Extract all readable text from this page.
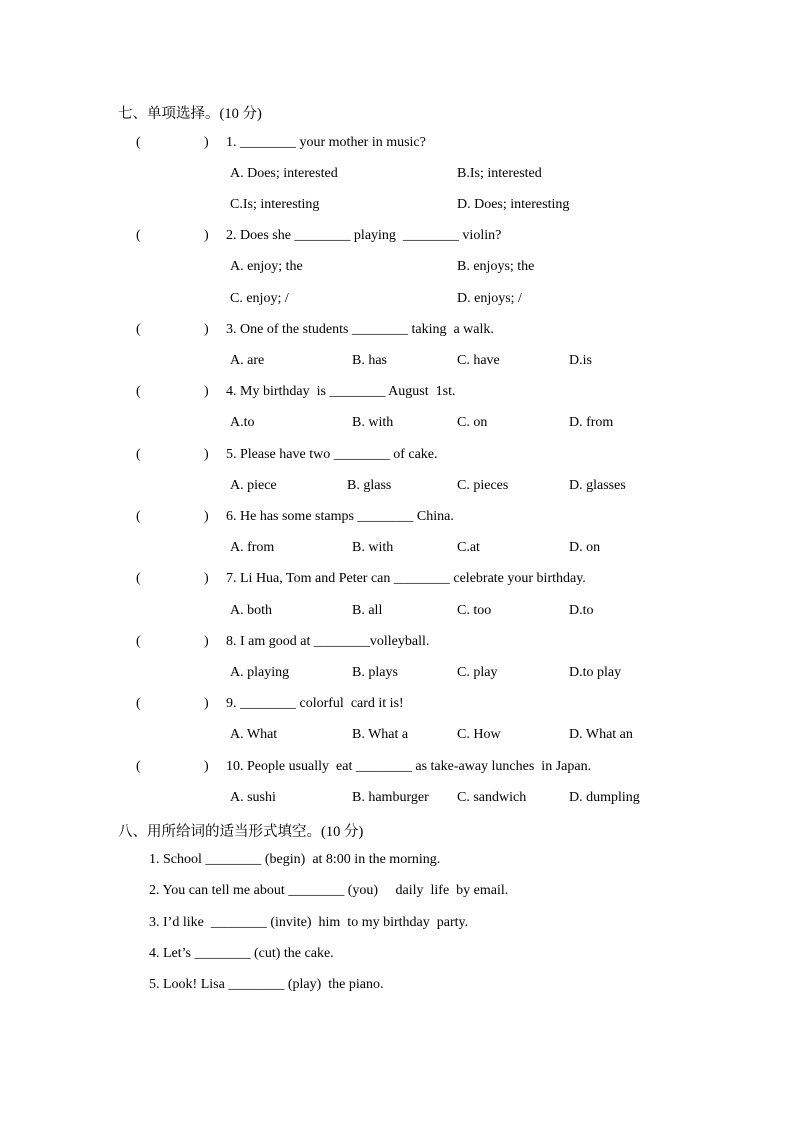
七、单项选择。(10 分)
(	) 1. ________ your mother in music?
A. Does; interested	B.Is; interested
C.Is; interesting	D. Does; interesting
(	) 2. Does she ________ playing  ________ violin?
A. enjoy; the	B. enjoys; the
C. enjoy; /	D. enjoys; /
(	) 3. One of the students ________ taking  a walk.
A. are	B. has	C. have	D.is
(	) 4. My birthday  is ________ August  1st.
A.to	B. with	C. on	D. from
(	) 5. Please have two ________ of cake.
A. piece	B. glass	C. pieces	D. glasses
(	) 6. He has some stamps ________ China.
A. from	B. with	C.at	D. on
(	) 7. Li Hua, Tom and Peter can ________ celebrate your birthday.
A. both	B. all	C. too	D.to
(	) 8. I am good at ________volleyball.
A. playing	B. plays	C. play	D.to play
(	) 9. ________ colorful  card it is!
A. What	B. What a	C. How	D. What an
(	) 10. People usually  eat ________ as take-away lunches  in Japan.
A. sushi	B. hamburger C. sandwich	D. dumpling
八、用所给词的适当形式填空。(10 分)
1. School ________ (begin)  at 8:00 in the morning.
2. You can tell me about ________ (you)     daily  life  by email.
3. I’d like  ________ (invite)  him  to my birthday  party.
4. Let’s ________ (cut) the cake.
5. Look! Lisa ________ (play)  the piano.
